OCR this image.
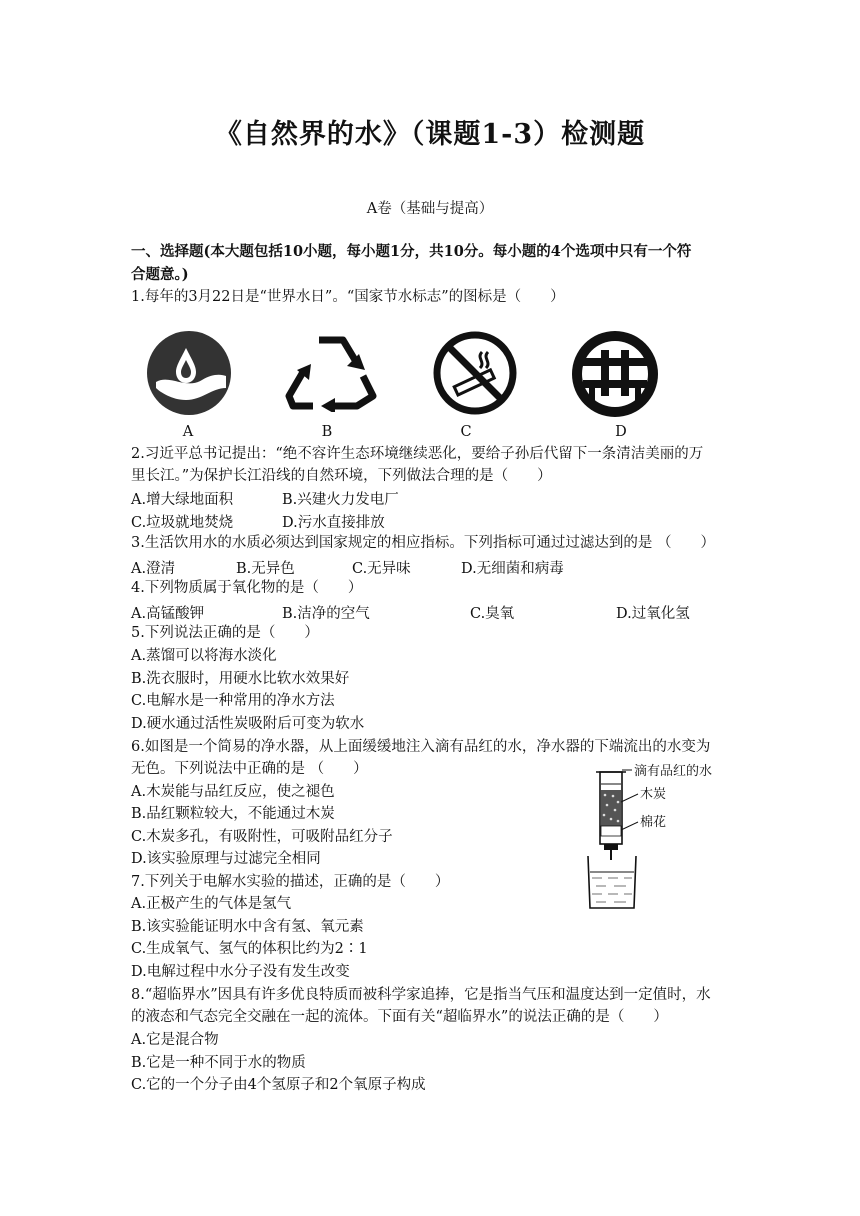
《自然界的水》（课题1-3）检测题
A卷（基础与提高）
一、选择题(本大题包括10小题，每小题1分，共10分。每小题的4个选项中只有一个符
合题意。)
1.每年的3月22日是“世界水日”。“国家节水标志”的图标是（　　）
A	B	C	D
2.习近平总书记提出：“绝不容许生态环境继续恶化，要给子孙后代留下一条清洁美丽的万
里长江。”为保护长江沿线的自然环境，下列做法合理的是（　　）
A.增大绿地面积	B.兴建火力发电厂
C.垃圾就地焚烧	D.污水直接排放
3.生活饮用水的水质必须达到国家规定的相应指标。下列指标可通过过滤达到的是 （　　）
A.澄清	B.无异色	C.无异味	D.无细菌和病毒
4.下列物质属于氧化物的是（　　）
A.高锰酸钾	B.洁净的空气	C.臭氧	D.过氧化氢
5.下列说法正确的是（　　）
A.蒸馏可以将海水淡化
B.洗衣服时，用硬水比软水效果好
C.电解水是一种常用的净水方法
D.硬水通过活性炭吸附后可变为软水
6.如图是一个简易的净水器，从上面缓缓地注入滴有品红的水，净水器的下端流出的水变为
无色。下列说法中正确的是 （　　）
A.木炭能与品红反应，使之褪色
B.品红颗粒较大，不能通过木炭
C.木炭多孔，有吸附性，可吸附品红分子
D.该实验原理与过滤完全相同
滴有品红的水
木炭
棉花
7.下列关于电解水实验的描述，正确的是（　　）
A.正极产生的气体是氢气
B.该实验能证明水中含有氢、氧元素
C.生成氧气、氢气的体积比约为2∶1
D.电解过程中水分子没有发生改变
8.“超临界水”因具有许多优良特质而被科学家追捧，它是指当气压和温度达到一定值时，水
的液态和气态完全交融在一起的流体。下面有关“超临界水”的说法正确的是（　　）
A.它是混合物
B.它是一种不同于水的物质
C.它的一个分子由4个氢原子和2个氧原子构成
